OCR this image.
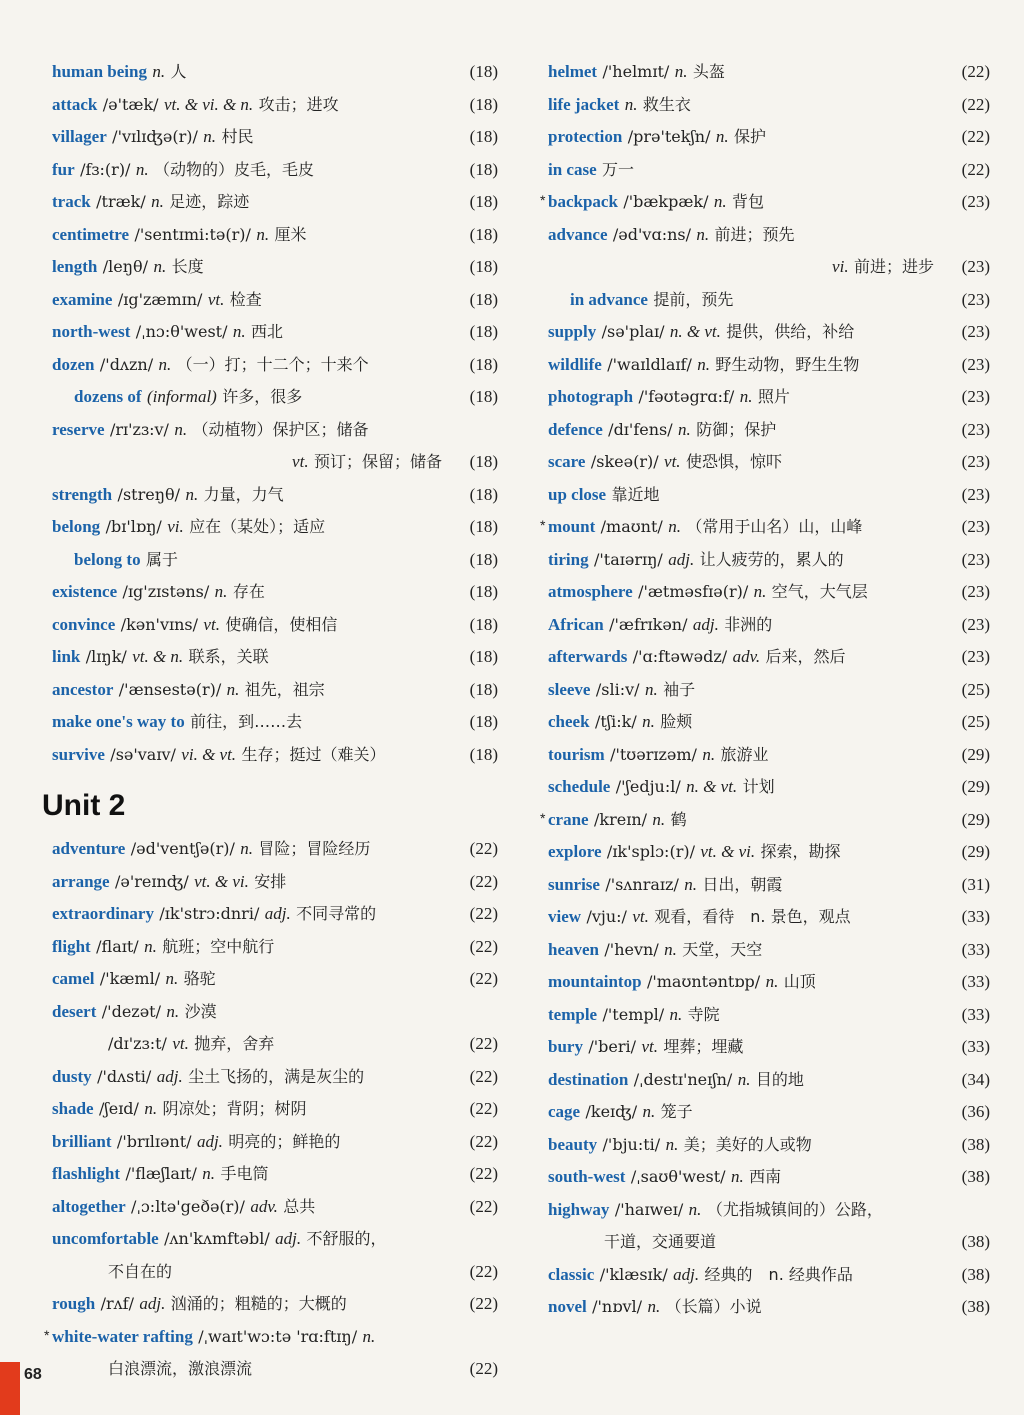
human being n. 人	(18)
attack /ə'tæk/ vt. & vi. & n. 攻击；进攻	(18)
villager /'vɪlɪʤə(r)/ n. 村民	(18)
fur /fɜ:(r)/ n. （动物的）皮毛，毛皮	(18)
track /træk/ n. 足迹，踪迹	(18)
centimetre /'sentɪmi:tə(r)/ n. 厘米	(18)
length /leŋθ/ n. 长度	(18)
examine /ɪg'zæmɪn/ vt. 检查	(18)
north-west /ˌnɔ:θ'west/ n. 西北	(18)
dozen /'dʌzn/ n. （一）打；十二个；十来个	(18)
dozens of (informal) 许多，很多	(18)
reserve /rɪ'zɜ:v/ n. （动植物）保护区；储备
vt. 预订；保留；储备 (18)
strength /streŋθ/ n. 力量，力气	(18)
belong /bɪ'lɒŋ/ vi. 应在（某处）；适应	(18)
belong to 属于	(18)
existence /ɪg'zɪstəns/ n. 存在	(18)
convince /kən'vɪns/ vt. 使确信，使相信	(18)
link /lɪŋk/ vt. & n. 联系，关联	(18)
ancestor /'ænsestə(r)/ n. 祖先，祖宗	(18)
make one's way to 前往，到……去	(18)
survive /sə'vaɪv/ vi. & vt. 生存；挺过（难关）	(18)
Unit 2
adventure /əd'ventʃə(r)/ n. 冒险；冒险经历	(22)
arrange /ə'reɪnʤ/ vt. & vi. 安排	(22)
extraordinary /ɪk'strɔ:dnri/ adj. 不同寻常的	(22)
flight /flaɪt/ n. 航班；空中航行	(22)
camel /'kæml/ n. 骆驼	(22)
desert /'dezət/ n. 沙漠
/dɪ'zɜ:t/ vt. 抛弃，舍弃	(22)
dusty /'dʌsti/ adj. 尘土飞扬的，满是灰尘的	(22)
shade /ʃeɪd/ n. 阴凉处；背阴；树阴	(22)
brilliant /'brɪlɪənt/ adj. 明亮的；鲜艳的	(22)
flashlight /'flæʃlaɪt/ n. 手电筒	(22)
altogether /ˌɔ:ltə'geðə(r)/ adv. 总共	(22)
uncomfortable /ʌn'kʌmftəbl/ adj. 不舒服的，
不自在的	(22)
rough /rʌf/ adj. 汹涌的；粗糙的；大概的	(22)
* white-water rafting /ˌwaɪt'wɔ:tə 'rɑ:ftɪŋ/ n.
白浪漂流，激浪漂流	(22)
helmet /'helmɪt/ n. 头盔	(22)
life jacket n. 救生衣	(22)
protection /prə'tekʃn/ n. 保护	(22)
in case 万一	(22)
* backpack /'bækpæk/ n. 背包	(23)
advance /əd'vɑ:ns/ n. 前进；预先
vi. 前进；进步 (23)
in advance 提前，预先	(23)
supply /sə'plaɪ/ n. & vt. 提供，供给，补给	(23)
wildlife /'waɪldlaɪf/ n. 野生动物，野生生物	(23)
photograph /'fəʊtəgrɑ:f/ n. 照片	(23)
defence /dɪ'fens/ n. 防御；保护	(23)
scare /skeə(r)/ vt. 使恐惧，惊吓	(23)
up close 靠近地	(23)
* mount /maʊnt/ n. （常用于山名）山，山峰	(23)
tiring /'taɪərɪŋ/ adj. 让人疲劳的，累人的	(23)
atmosphere /'ætməsfɪə(r)/ n. 空气，大气层	(23)
African /'æfrɪkən/ adj. 非洲的	(23)
afterwards /'ɑ:ftəwədz/ adv. 后来，然后	(23)
sleeve /sli:v/ n. 袖子	(25)
cheek /tʃi:k/ n. 脸颊	(25)
tourism /'tʊərɪzəm/ n. 旅游业	(29)
schedule /'ʃedju:l/ n. & vt. 计划	(29)
* crane /kreɪn/ n. 鹤	(29)
explore /ɪk'splɔ:(r)/ vt. & vi. 探索，勘探	(29)
sunrise /'sʌnraɪz/ n. 日出，朝霞	(31)
view /vju:/ vt. 观看，看待　n. 景色，观点	(33)
heaven /'hevn/ n. 天堂，天空	(33)
mountaintop /'maʊntəntɒp/ n. 山顶	(33)
temple /'templ/ n. 寺院	(33)
bury /'beri/ vt. 埋葬；埋藏	(33)
destination /ˌdestɪ'neɪʃn/ n. 目的地	(34)
cage /keɪʤ/ n. 笼子	(36)
beauty /'bju:ti/ n. 美；美好的人或物	(38)
south-west /ˌsaʊθ'west/ n. 西南	(38)
highway /'haɪweɪ/ n. （尤指城镇间的）公路，
干道，交通要道	(38)
classic /'klæsɪk/ adj. 经典的　n. 经典作品	(38)
novel /'nɒvl/ n. （长篇）小说	(38)
68
